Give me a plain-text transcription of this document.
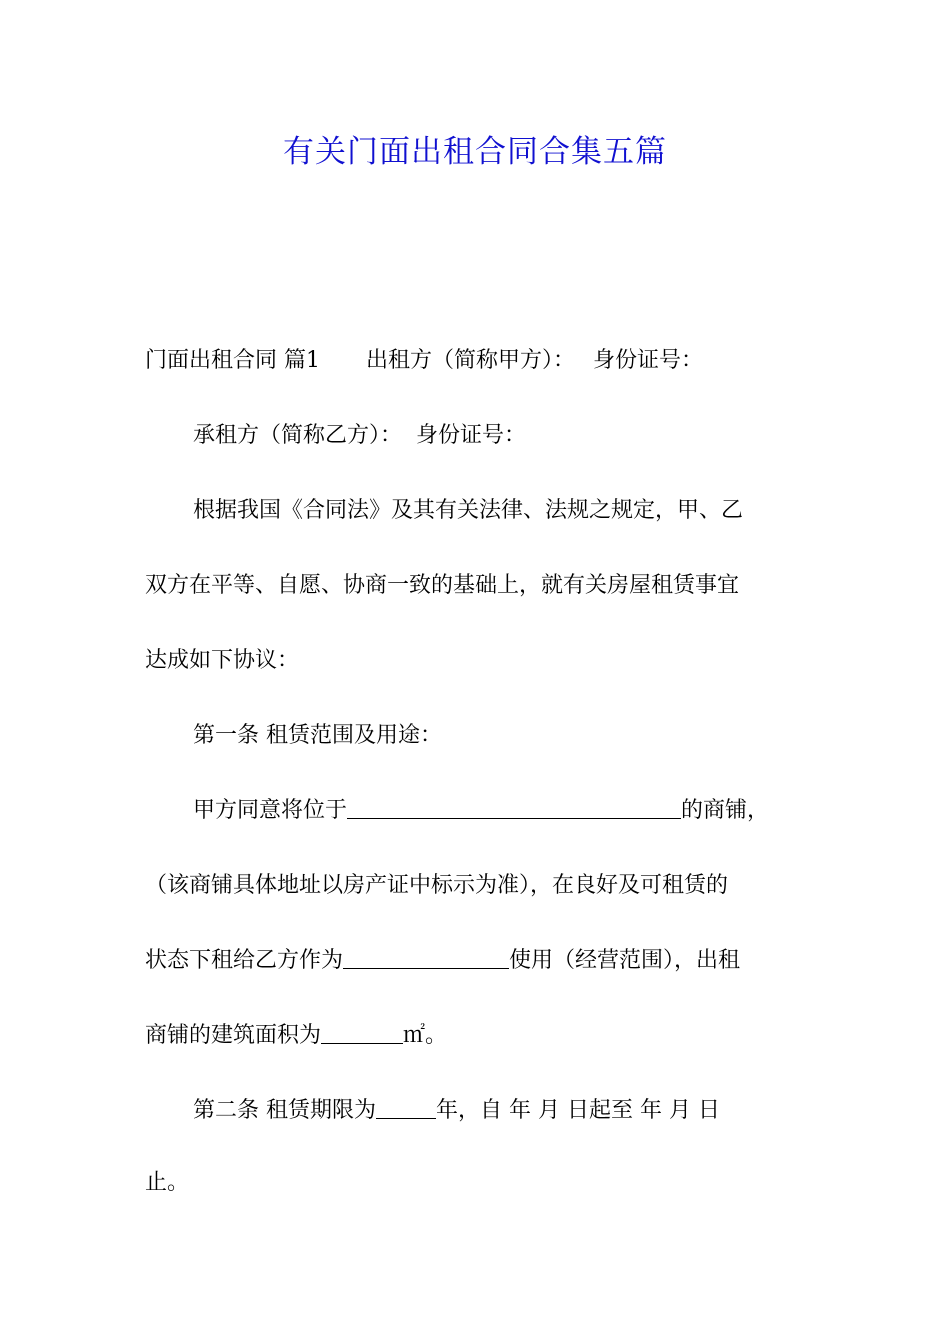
有关门面出租合同合集五篇
门面出租合同 篇1 出租方（简称甲方）： 身份证号：
承租方（简称乙方）： 身份证号：
根据我国《合同法》及其有关法律、法规之规定，甲、乙
双方在平等、自愿、协商一致的基础上，就有关房屋租赁事宜
达成如下协议：
第一条 租赁范围及用途：
甲方同意将位于	的商铺，
（该商铺具体地址以房产证中标示为准），在良好及可租赁的
状态下租给乙方作为	使用（经营范围），出租
商铺的建筑面积为	㎡。
第二条 租赁期限为	年，自 年 月 日起至 年 月 日
止。
